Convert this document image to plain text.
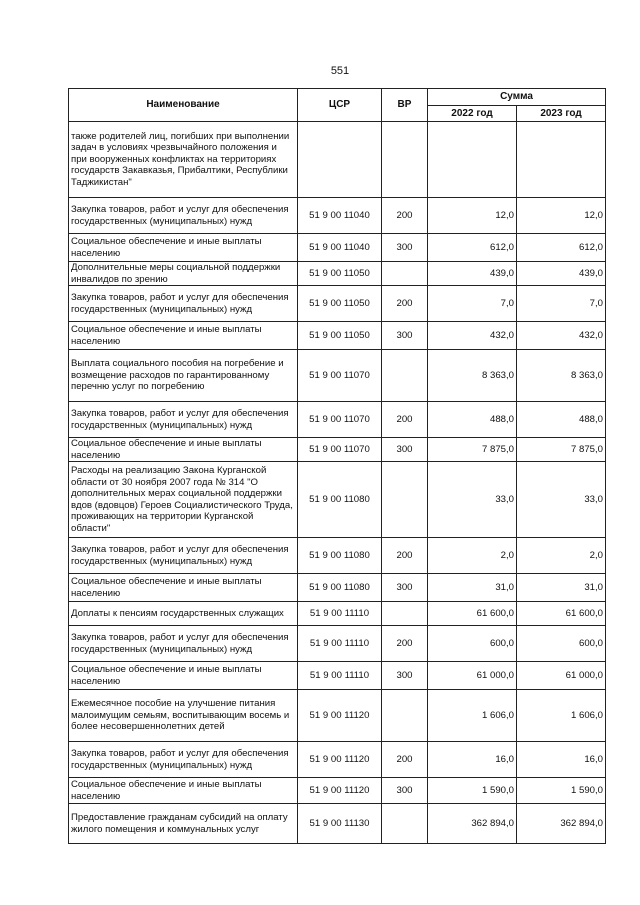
551
Наименование	ЦСР	ВР	Сумма	
			2022 год	2023 год
также родителей лиц, погибших при выполнении задач в условиях чрезвычайного положения и при вооруженных конфликтах на территориях государств Закавказья, Прибалтики, Республики Таджикистан"				
Закупка товаров, работ и услуг для обеспечения государственных (муниципальных) нужд	51 9 00 11040	200	12,0	12,0
Социальное обеспечение и иные выплаты населению	51 9 00 11040	300	612,0	612,0
Дополнительные меры социальной поддержки инвалидов по зрению	51 9 00 11050		439,0	439,0
Закупка товаров, работ и услуг для обеспечения государственных (муниципальных) нужд	51 9 00 11050	200	7,0	7,0
Социальное обеспечение и иные выплаты населению	51 9 00 11050	300	432,0	432,0
Выплата социального пособия на погребение и возмещение расходов по гарантированному перечню услуг по погребению	51 9 00 11070		8 363,0	8 363,0
Закупка товаров, работ и услуг для обеспечения государственных (муниципальных) нужд	51 9 00 11070	200	488,0	488,0
Социальное обеспечение и иные выплаты населению	51 9 00 11070	300	7 875,0	7 875,0
Расходы на реализацию Закона Курганской области от 30 ноября 2007 года № 314 "О дополнительных мерах социальной поддержки вдов (вдовцов) Героев Социалистического Труда, проживающих на территории Курганской области"	51 9 00 11080		33,0	33,0
Закупка товаров, работ и услуг для обеспечения государственных (муниципальных) нужд	51 9 00 11080	200	2,0	2,0
Социальное обеспечение и иные выплаты населению	51 9 00 11080	300	31,0	31,0
Доплаты к пенсиям государственных служащих	51 9 00 11110		61 600,0	61 600,0
Закупка товаров, работ и услуг для обеспечения государственных (муниципальных) нужд	51 9 00 11110	200	600,0	600,0
Социальное обеспечение и иные выплаты населению	51 9 00 11110	300	61 000,0	61 000,0
Ежемесячное пособие на улучшение питания малоимущим семьям, воспитывающим восемь и более несовершеннолетних детей	51 9 00 11120		1 606,0	1 606,0
Закупка товаров, работ и услуг для обеспечения государственных (муниципальных) нужд	51 9 00 11120	200	16,0	16,0
Социальное обеспечение и иные выплаты населению	51 9 00 11120	300	1 590,0	1 590,0
Предоставление гражданам субсидий на оплату жилого помещения и коммунальных услуг	51 9 00 11130		362 894,0	362 894,0
